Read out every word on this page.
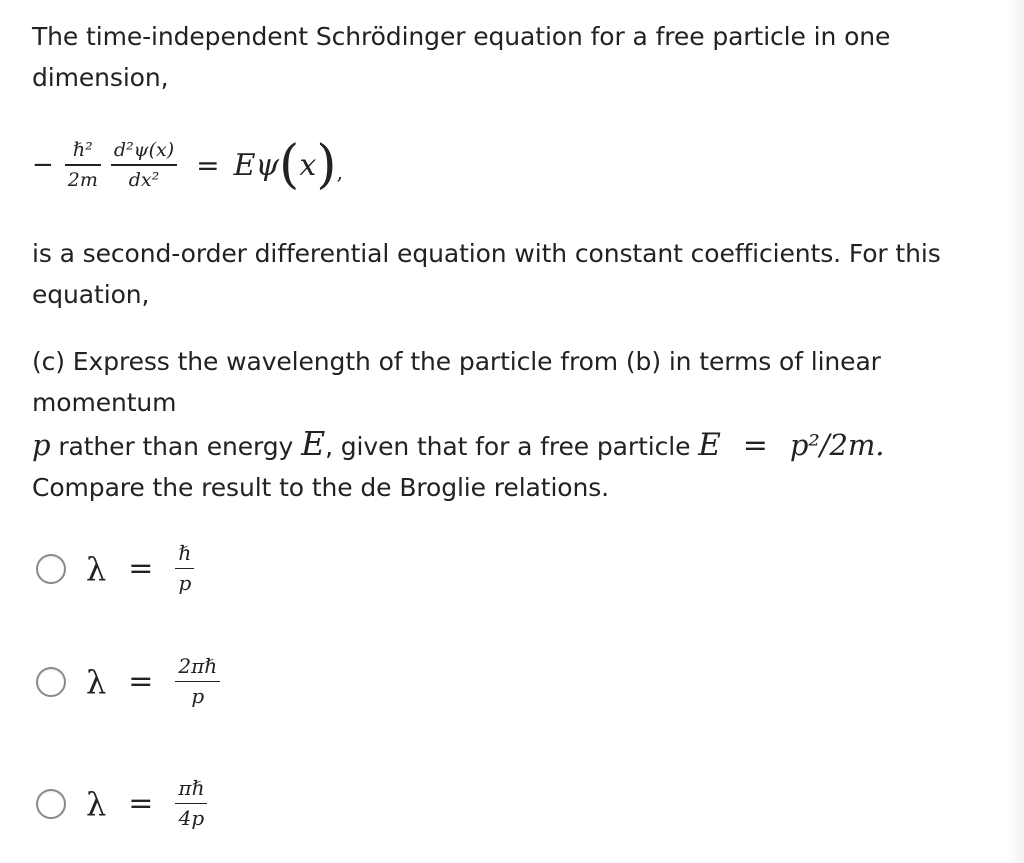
The time-independent Schrödinger equation for a free particle in one dimension,
− $\frac{\text{ℏ²}}{2m} \frac{\text{d²ψ(x)}}{\text{dx²}} = E\psi$ ( x ) ,
is a second-order differential equation with constant coefficients. For this equation,
(c) Express the wavelength of the particle from (b) in terms of linear momentum
p rather than energy E, given that for a free particle E = p²/2m.
Compare the result to the de Broglie relations.
$\lambda = \frac{\text{ℏ}}{p}$
$\lambda = \frac{\text{2πℏ}}{p}$
$\lambda = \frac{\text{πℏ}}{4p}$
